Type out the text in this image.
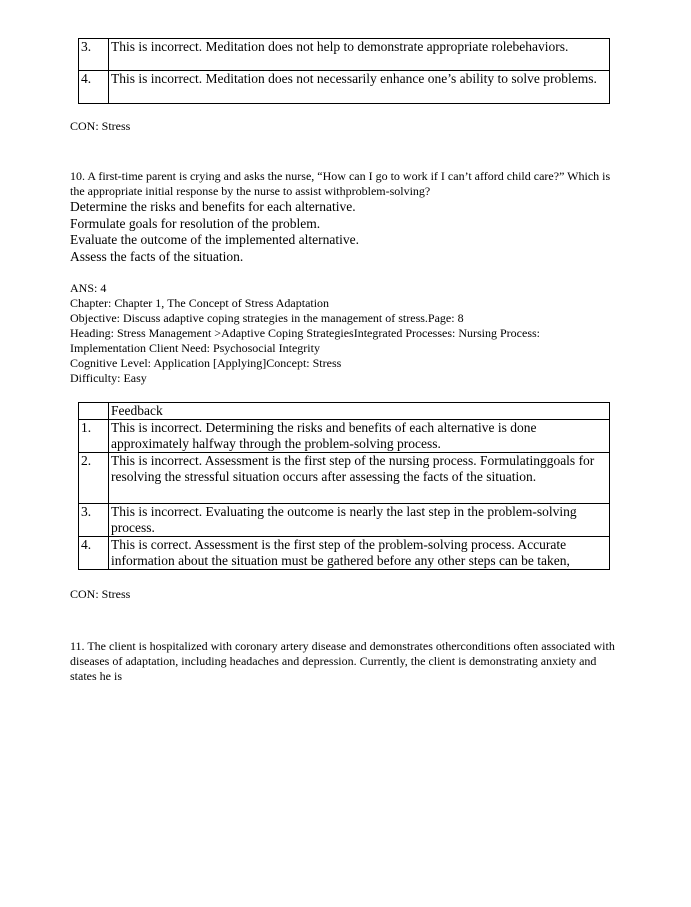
3.	This is incorrect. Meditation does not help to demonstrate appropriate rolebehaviors.
4.	This is incorrect. Meditation does not necessarily enhance one’s ability to solve problems.
CON: Stress
10. A first-time parent is crying and asks the nurse, “How can I go to work if I can’t afford child care?” Which is the appropriate initial response by the nurse to assist withproblem-solving?
Determine the risks and benefits for each alternative.
Formulate goals for resolution of the problem.
Evaluate the outcome of the implemented alternative.
Assess the facts of the situation.
ANS: 4
Chapter: Chapter 1, The Concept of Stress Adaptation
Objective: Discuss adaptive coping strategies in the management of stress.Page: 8
Heading: Stress Management >Adaptive Coping StrategiesIntegrated Processes: Nursing Process:
Implementation Client Need: Psychosocial Integrity
Cognitive Level: Application [Applying]Concept: Stress
Difficulty: Easy
	Feedback
1.	This is incorrect. Determining the risks and benefits of each alternative is done approximately halfway through the problem-solving process.
2.	This is incorrect. Assessment is the first step of the nursing process. Formulatinggoals for resolving the stressful situation occurs after assessing the facts of the situation.
3.	This is incorrect. Evaluating the outcome is nearly the last step in the problem-solving process.
4.	This is correct. Assessment is the first step of the problem-solving process. Accurate information about the situation must be gathered before any other steps can be taken,
CON: Stress
11. The client is hospitalized with coronary artery disease and demonstrates otherconditions often associated with diseases of adaptation, including headaches and depression. Currently, the client is demonstrating anxiety and states he is
